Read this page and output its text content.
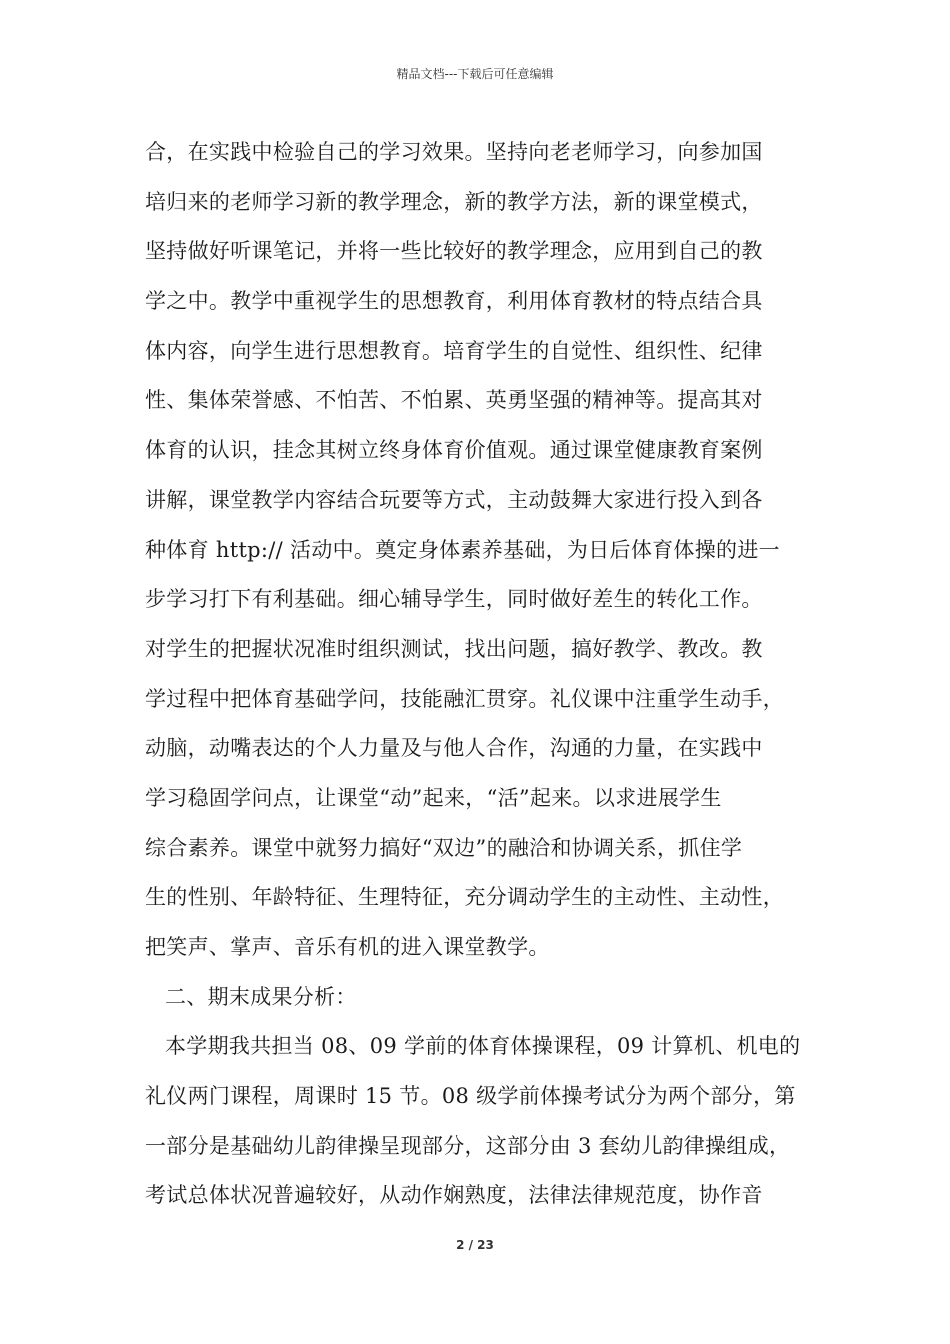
精品文档---下载后可任意编辑
合，在实践中检验自己的学习效果。坚持向老老师学习，向参加国
培归来的老师学习新的教学理念，新的教学方法，新的课堂模式，
坚持做好听课笔记，并将一些比较好的教学理念，应用到自己的教
学之中。教学中重视学生的思想教育，利用体育教材的特点结合具
体内容，向学生进行思想教育。培育学生的自觉性、组织性、纪律
性、集体荣誉感、不怕苦、不怕累、英勇坚强的精神等。提高其对
体育的认识，挂念其树立终身体育价值观。通过课堂健康教育案例
讲解，课堂教学内容结合玩要等方式，主动鼓舞大家进行投入到各
种体育 http:// 活动中。奠定身体素养基础，为日后体育体操的进一
步学习打下有利基础。细心辅导学生，同时做好差生的转化工作。
对学生的把握状况准时组织测试，找出问题，搞好教学、教改。教
学过程中把体育基础学问，技能融汇贯穿。礼仪课中注重学生动手，
动脑，动嘴表达的个人力量及与他人合作，沟通的力量，在实践中
学习稳固学问点，让课堂“动”起来，“活”起来。以求进展学生
综合素养。课堂中就努力搞好“双边”的融洽和协调关系，抓住学
生的性别、年龄特征、生理特征，充分调动学生的主动性、主动性，
把笑声、掌声、音乐有机的进入课堂教学。
二、期末成果分析：
本学期我共担当 08、09 学前的体育体操课程，09 计算机、机电的
礼仪两门课程，周课时 15 节。08 级学前体操考试分为两个部分，第
一部分是基础幼儿韵律操呈现部分，这部分由 3 套幼儿韵律操组成，
考试总体状况普遍较好，从动作娴熟度，法律法律规范度，协作音
2 / 23
